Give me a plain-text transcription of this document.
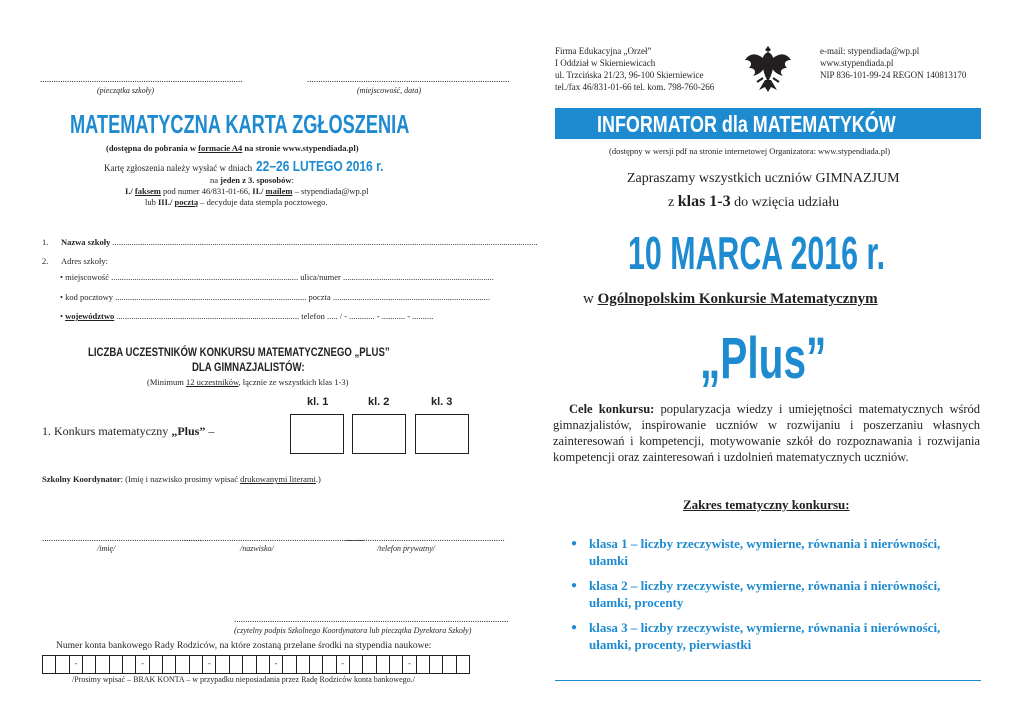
..........................................................................................
(pieczątka szkoły)
..........................................................................................
(miejscowość, data)
MATEMATYCZNA KARTA ZGŁOSZENIA
(dostępna do pobrania w formacie A4 na stronie www.stypendiada.pl)
Kartę zgłoszenia należy wysłać w dniach 22–26 LUTEGO 2016 r.
na jeden z 3. sposobów:
I./ faksem pod numer 46/831-01-66, II./ mailem – stypendiada@wp.pl
lub III./ pocztą – decyduje data stempla pocztowego.
1. Nazwa szkoły ........................................................................................................................................................................................................
2. Adres szkoły:
• miejscowość ........................................................................................ ulica/numer .......................................................................
• kod pocztowy .......................................................................................... poczta ..........................................................................
• województwo ...................................................................................... telefon ..... / - ............ - ........... - ..........
LICZBA UCZESTNIKÓW KONKURSU MATEMATYCZNEGO „PLUS”
DLA GIMNAZJALISTÓW:
(Minimum 12 uczestników, łącznie ze wszystkich klas 1-3)
kl. 1	kl. 2	kl. 3
1. Konkurs matematyczny „Plus” –
Szkolny Koordynator: (Imię i nazwisko prosimy wpisać drukowanymi literami.)
.......................................................................
/imię/
................................................................................
/nazwisko/
.......................................................................
/telefon prywatny/
..........................................................................................................................
(czytelny podpis Szkolnego Koordynatora lub pieczątka Dyrektora Szkoły)
Numer konta bankowego Rady Rodziców, na które zostaną przelane środki na stypendia naukowe:
-	-	-	-	-	-
/Prosimy wpisać – BRAK KONTA – w przypadku nieposiadania przez Radę Rodziców konta bankowego./
Firma Edukacyjna „Orzeł”
I Oddział w Skierniewicach
ul. Trzcińska 21/23, 96-100 Skierniewice
tel./fax 46/831-01-66 tel. kom. 798-760-266
e-mail: stypendiada@wp.pl
www.stypendiada.pl
NIP 836-101-99-24 REGON 140813170
INFORMATOR dla MATEMATYKÓW
(dostępny w wersji pdf na stronie internetowej Organizatora: www.stypendiada.pl)
Zapraszamy wszystkich uczniów GIMNAZJUM
z klas 1-3 do wzięcia udziału
10 MARCA 2016 r.
w Ogólnopolskim Konkursie Matematycznym
„Plus”
Cele konkursu: popularyzacja wiedzy i umiejętności matematycznych wśród gimnazjalistów, inspirowanie uczniów w rozwijaniu i poszerzaniu własnych zainteresowań i kompetencji, motywowanie szkół do rozpoznawania i rozwijania kompetencji oraz zainteresowań i uzdolnień matematycznych uczniów.
Zakres tematyczny konkursu:
● klasa 1 – liczby rzeczywiste, wymierne, równania i nierówności, ułamki
● klasa 2 – liczby rzeczywiste, wymierne, równania i nierówności, ułamki, procenty
● klasa 3 – liczby rzeczywiste, wymierne, równania i nierówności, ułamki, procenty, pierwiastki
